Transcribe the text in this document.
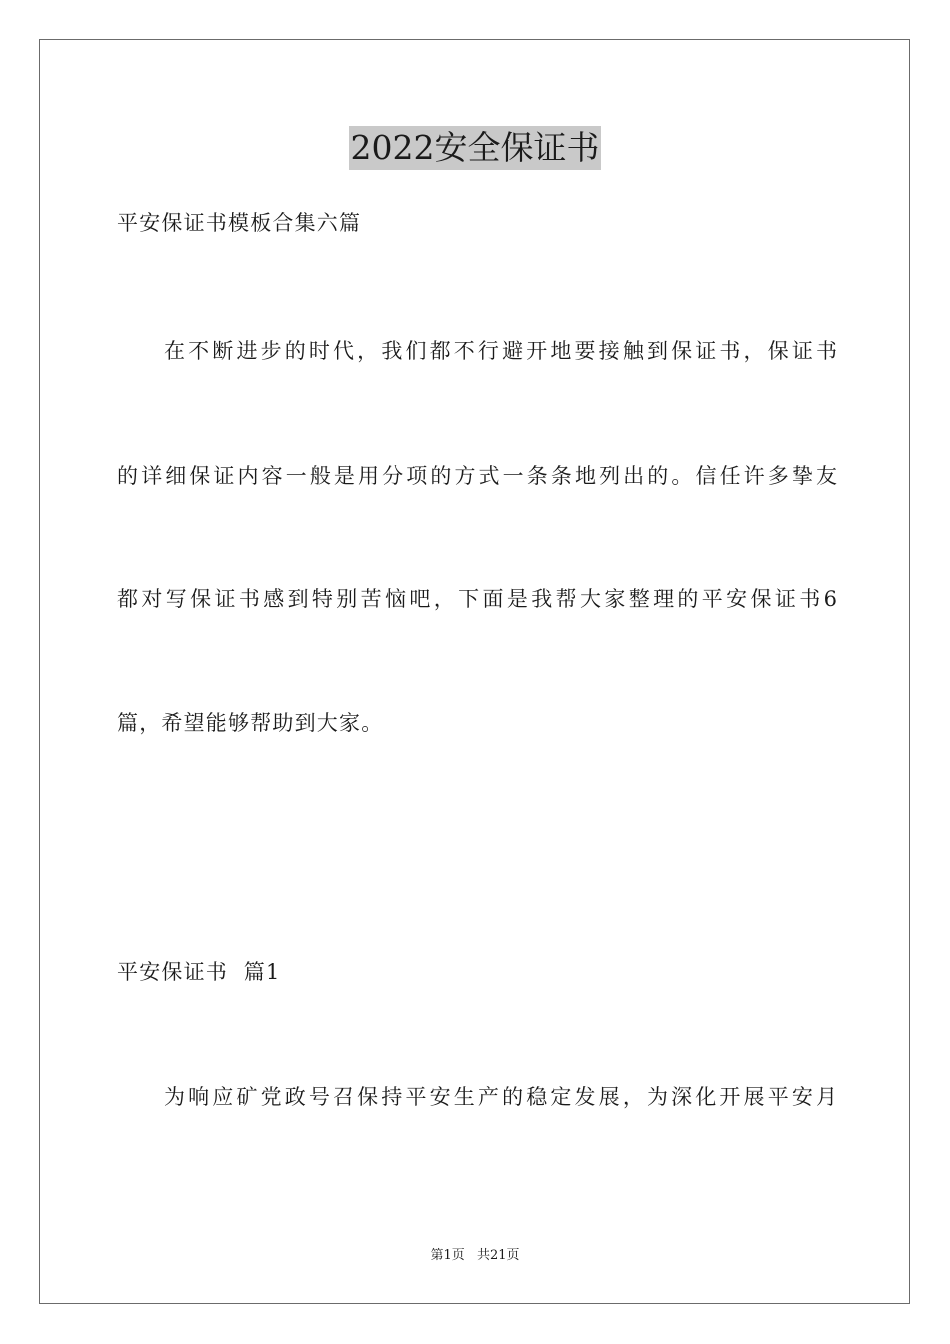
2022安全保证书

平安保证书模板合集六篇

在不断进步的时代，我们都不行避开地要接触到保证书，保证书

的详细保证内容一般是用分项的方式一条条地列出的。信任许多挚友

都对写保证书感到特别苦恼吧，下面是我帮大家整理的平安保证书6

篇，希望能够帮助到大家。

平安保证书  篇1

为响应矿党政号召保持平安生产的稳定发展，为深化开展平安月

第1页 共21页
